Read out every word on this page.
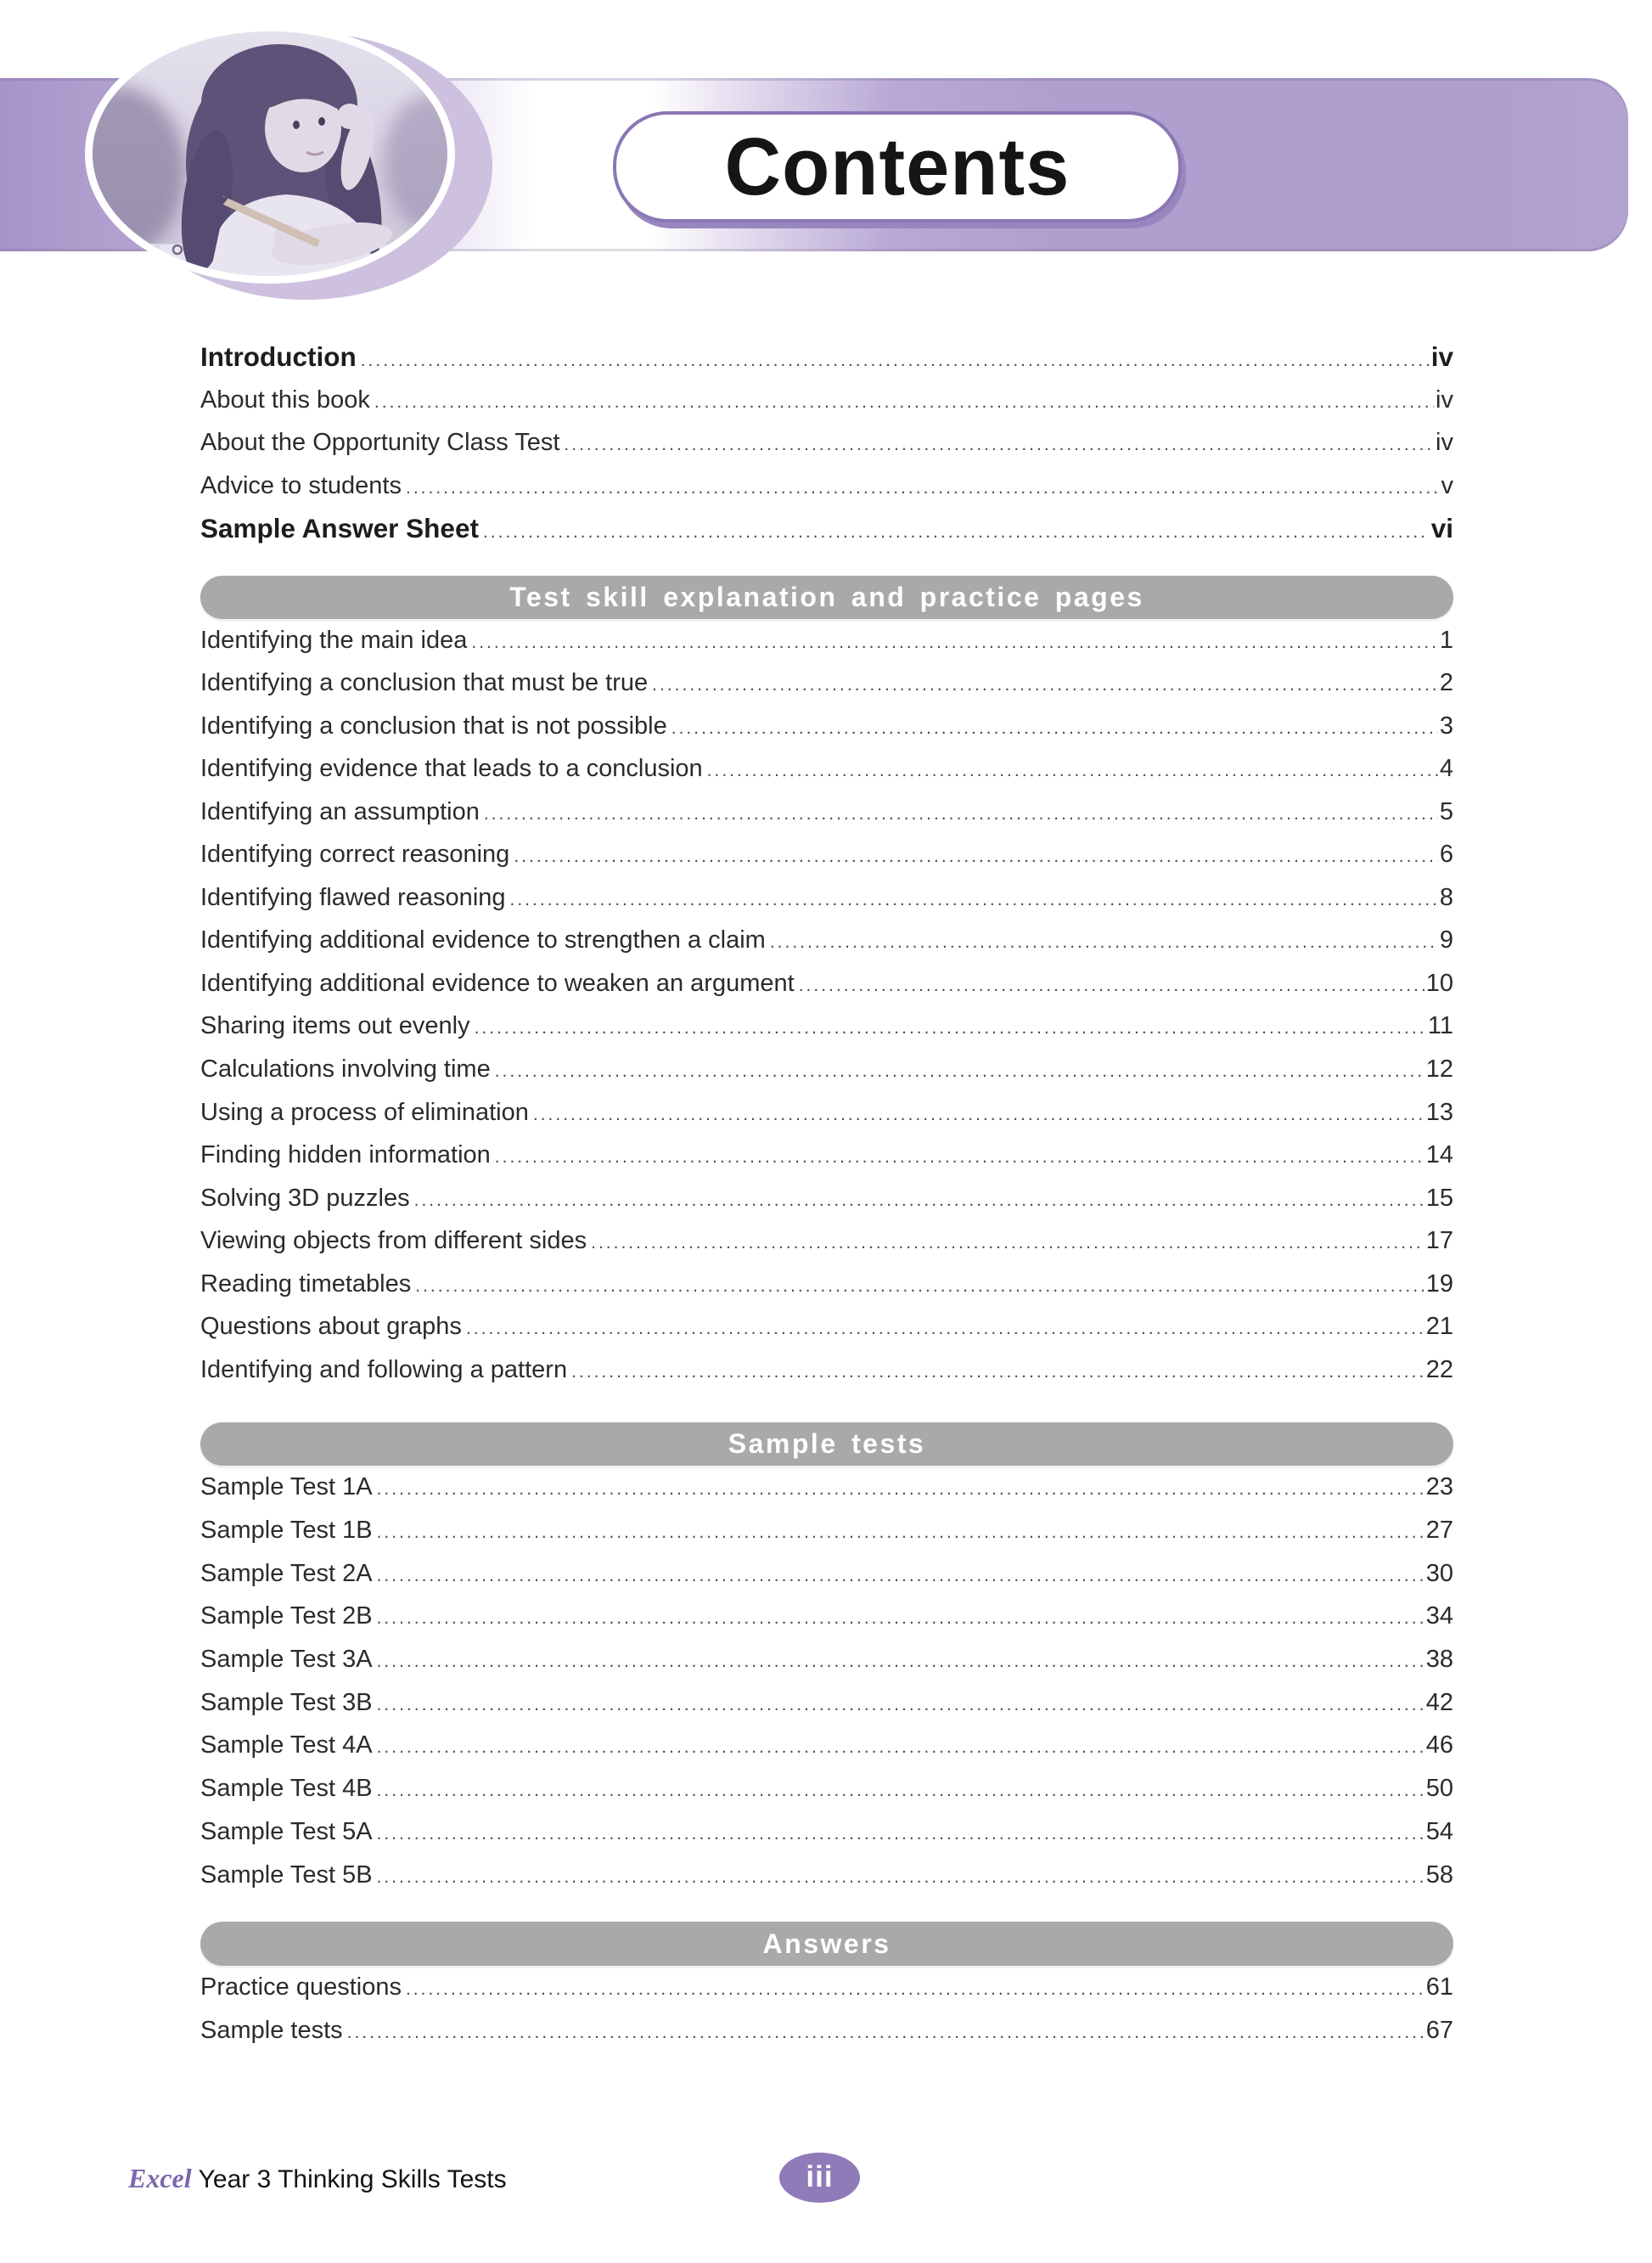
Contents
Introduction .....	iv
About this book .....	iv
About the Opportunity Class Test .....	iv
Advice to students .....	v
Sample Answer Sheet .....	vi
Test skill explanation and practice pages
Identifying the main idea .....	1
Identifying a conclusion that must be true .....	2
Identifying a conclusion that is not possible .....	3
Identifying evidence that leads to a conclusion .....	4
Identifying an assumption .....	5
Identifying correct reasoning .....	6
Identifying flawed reasoning .....	8
Identifying additional evidence to strengthen a claim .....	9
Identifying additional evidence to weaken an argument .....	10
Sharing items out evenly .....	11
Calculations involving time .....	12
Using a process of elimination .....	13
Finding hidden information .....	14
Solving 3D puzzles .....	15
Viewing objects from different sides .....	17
Reading timetables .....	19
Questions about graphs .....	21
Identifying and following a pattern .....	22
Sample tests
Sample Test 1A .....	23
Sample Test 1B .....	27
Sample Test 2A .....	30
Sample Test 2B .....	34
Sample Test 3A .....	38
Sample Test 3B .....	42
Sample Test 4A .....	46
Sample Test 4B .....	50
Sample Test 5A .....	54
Sample Test 5B .....	58
Answers
Practice questions .....	61
Sample tests .....	67
Excel Year 3 Thinking Skills Tests	iii
